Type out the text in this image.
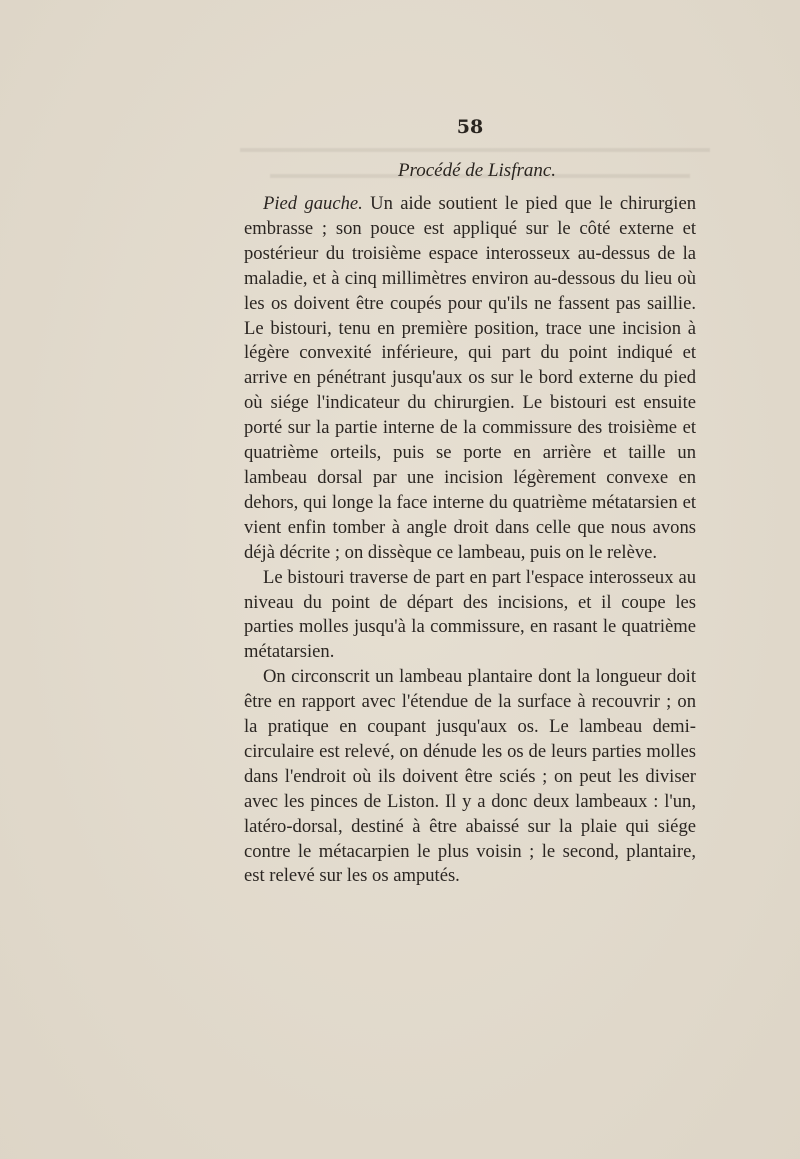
58
Procédé de Lisfranc.

Pied gauche. Un aide soutient le pied que le chirurgien embrasse ; son pouce est appliqué sur le côté externe et postérieur du troisième espace interosseux au-dessus de la maladie, et à cinq millimètres environ au-dessous du lieu où les os doivent être coupés pour qu'ils ne fassent pas saillie. Le bistouri, tenu en première position, trace une incision à légère convexité inférieure, qui part du point indiqué et arrive en pénétrant jusqu'aux os sur le bord externe du pied où siége l'indicateur du chirurgien. Le bistouri est ensuite porté sur la partie interne de la commissure des troisième et quatrième orteils, puis se porte en arrière et taille un lambeau dorsal par une incision légèrement convexe en dehors, qui longe la face interne du quatrième métatarsien et vient enfin tomber à angle droit dans celle que nous avons déjà décrite ; on dissèque ce lambeau, puis on le relève.

Le bistouri traverse de part en part l'espace interosseux au niveau du point de départ des incisions, et il coupe les parties molles jusqu'à la commissure, en rasant le quatrième métatarsien.

On circonscrit un lambeau plantaire dont la longueur doit être en rapport avec l'étendue de la surface à recouvrir ; on la pratique en coupant jusqu'aux os. Le lambeau demi-circulaire est relevé, on dénude les os de leurs parties molles dans l'endroit où ils doivent être sciés ; on peut les diviser avec les pinces de Liston. Il y a donc deux lambeaux : l'un, latéro-dorsal, destiné à être abaissé sur la plaie qui siége contre le métacarpien le plus voisin ; le second, plantaire, est relevé sur les os amputés.
